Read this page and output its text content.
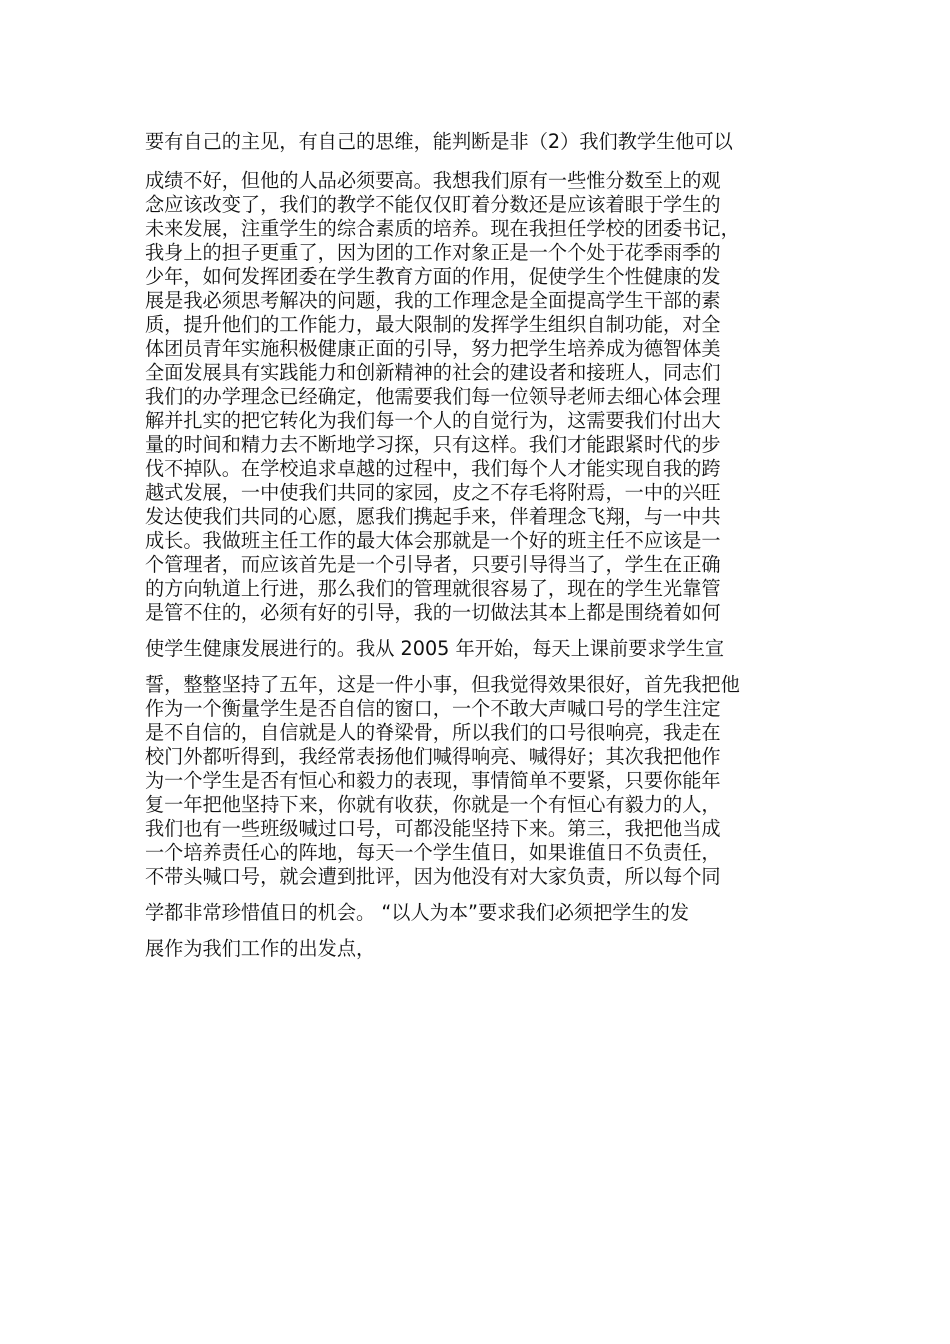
要有自己的主见，有自己的思维，能判断是非（2）我们教学生他可以
成绩不好，但他的人品必须要高。我想我们原有一些惟分数至上的观
念应该改变了，我们的教学不能仅仅盯着分数还是应该着眼于学生的
未来发展，注重学生的综合素质的培养。现在我担任学校的团委书记，
我身上的担子更重了，因为团的工作对象正是一个个处于花季雨季的
少年，如何发挥团委在学生教育方面的作用，促使学生个性健康的发
展是我必须思考解决的问题，我的工作理念是全面提高学生干部的素
质，提升他们的工作能力，最大限制的发挥学生组织自制功能，对全
体团员青年实施积极健康正面的引导，努力把学生培养成为德智体美
全面发展具有实践能力和创新精神的社会的建设者和接班人，同志们
我们的办学理念已经确定，他需要我们每一位领导老师去细心体会理
解并扎实的把它转化为我们每一个人的自觉行为，这需要我们付出大
量的时间和精力去不断地学习探，只有这样。我们才能跟紧时代的步
伐不掉队。在学校追求卓越的过程中，我们每个人才能实现自我的跨
越式发展，一中使我们共同的家园，皮之不存毛将附焉，一中的兴旺
发达使我们共同的心愿，愿我们携起手来，伴着理念飞翔，与一中共
成长。我做班主任工作的最大体会那就是一个好的班主任不应该是一
个管理者，而应该首先是一个引导者，只要引导得当了，学生在正确
的方向轨道上行进，那么我们的管理就很容易了，现在的学生光靠管
是管不住的，必须有好的引导，我的一切做法其本上都是围绕着如何
使学生健康发展进行的。我从 2005 年开始，每天上课前要求学生宣
誓，整整坚持了五年，这是一件小事，但我觉得效果很好，首先我把他
作为一个衡量学生是否自信的窗口，一个不敢大声喊口号的学生注定
是不自信的，自信就是人的脊梁骨，所以我们的口号很响亮，我走在
校门外都听得到，我经常表扬他们喊得响亮、喊得好；其次我把他作
为一个学生是否有恒心和毅力的表现，事情简单不要紧，只要你能年
复一年把他坚持下来，你就有收获，你就是一个有恒心有毅力的人，
我们也有一些班级喊过口号，可都没能坚持下来。第三，我把他当成
一个培养责任心的阵地，每天一个学生值日，如果谁值日不负责任，
不带头喊口号，就会遭到批评，因为他没有对大家负责，所以每个同
学都非常珍惜值日的机会。 “以人为本”要求我们必须把学生的发
展作为我们工作的出发点，
